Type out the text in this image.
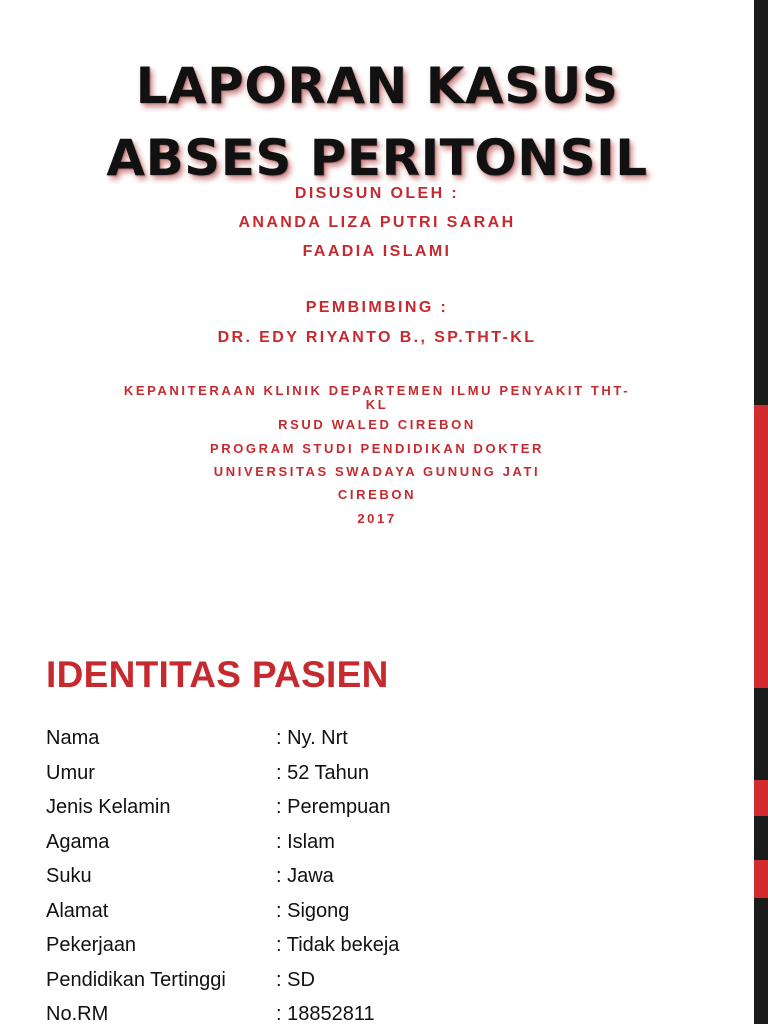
LAPORAN KASUS
ABSES PERITONSIL
DISUSUN OLEH :
ANANDA LIZA PUTRI SARAH
FAADIA ISLAMI
PEMBIMBING :
DR. EDY RIYANTO B., SP.THT-KL
KEPANITERAAN KLINIK DEPARTEMEN ILMU PENYAKIT THT-
KL
RSUD WALED CIREBON
PROGRAM STUDI PENDIDIKAN DOKTER
UNIVERSITAS SWADAYA GUNUNG JATI
CIREBON
2017
IDENTITAS PASIEN
Nama	: Ny. Nrt
Umur	: 52 Tahun
Jenis Kelamin	: Perempuan
Agama	: Islam
Suku	: Jawa
Alamat	: Sigong
Pekerjaan	: Tidak bekeja
Pendidikan Tertinggi	: SD
No.RM	: 18852811
